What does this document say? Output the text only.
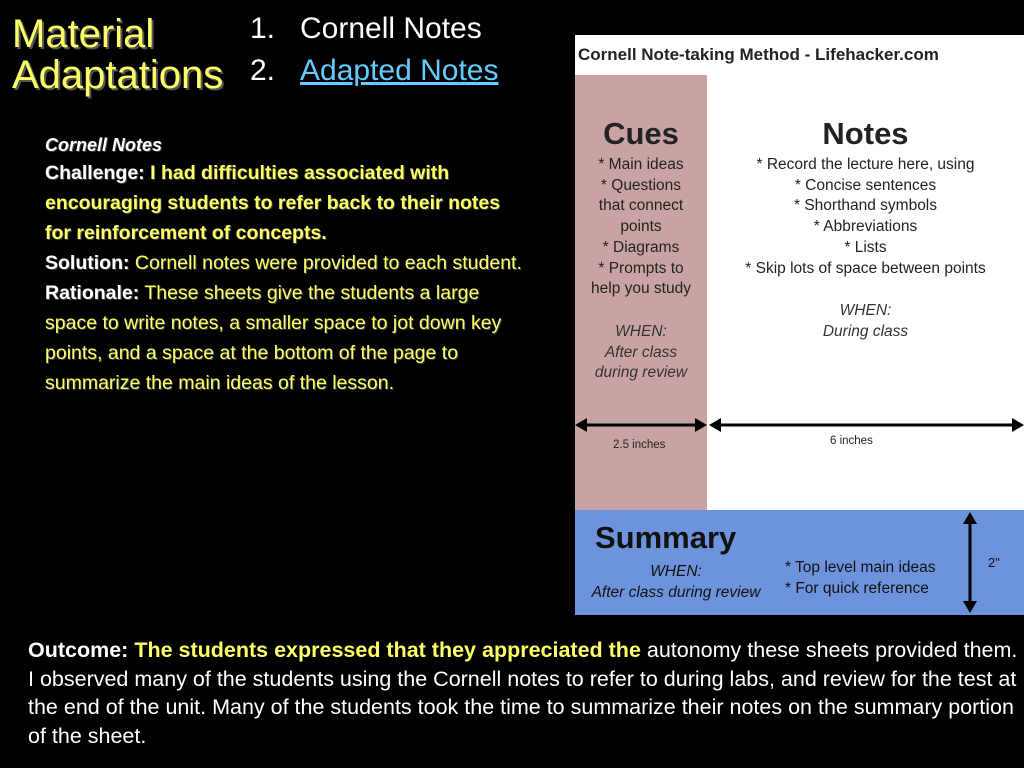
Material
Adaptations
1. Cornell Notes
2. Adapted Notes
Cornell Notes
Challenge: I had difficulties associated with encouraging students to refer back to their notes for reinforcement of concepts.
Solution: Cornell notes were provided to each student.
Rationale: These sheets give the students a large space to write notes, a smaller space to jot down key points, and a space at the bottom of the page to summarize the main ideas of the lesson.
Cornell Note-taking Method - Lifehacker.com
Cues
* Main ideas
* Questions
that connect
points
* Diagrams
* Prompts to
help you study
WHEN:
After class
during review
Notes
* Record the lecture here, using
* Concise sentences
* Shorthand symbols
* Abbreviations
* Lists
* Skip lots of space between points
WHEN:
During class
2.5 inches	6 inches
Summary
WHEN:
After class during review
* Top level main ideas
* For quick reference
2"
Outcome: The students expressed that they appreciated the autonomy these sheets provided them. I observed many of the students using the Cornell notes to refer to during labs, and review for the test at the end of the unit. Many of the students took the time to summarize their notes on the summary portion of the sheet.
